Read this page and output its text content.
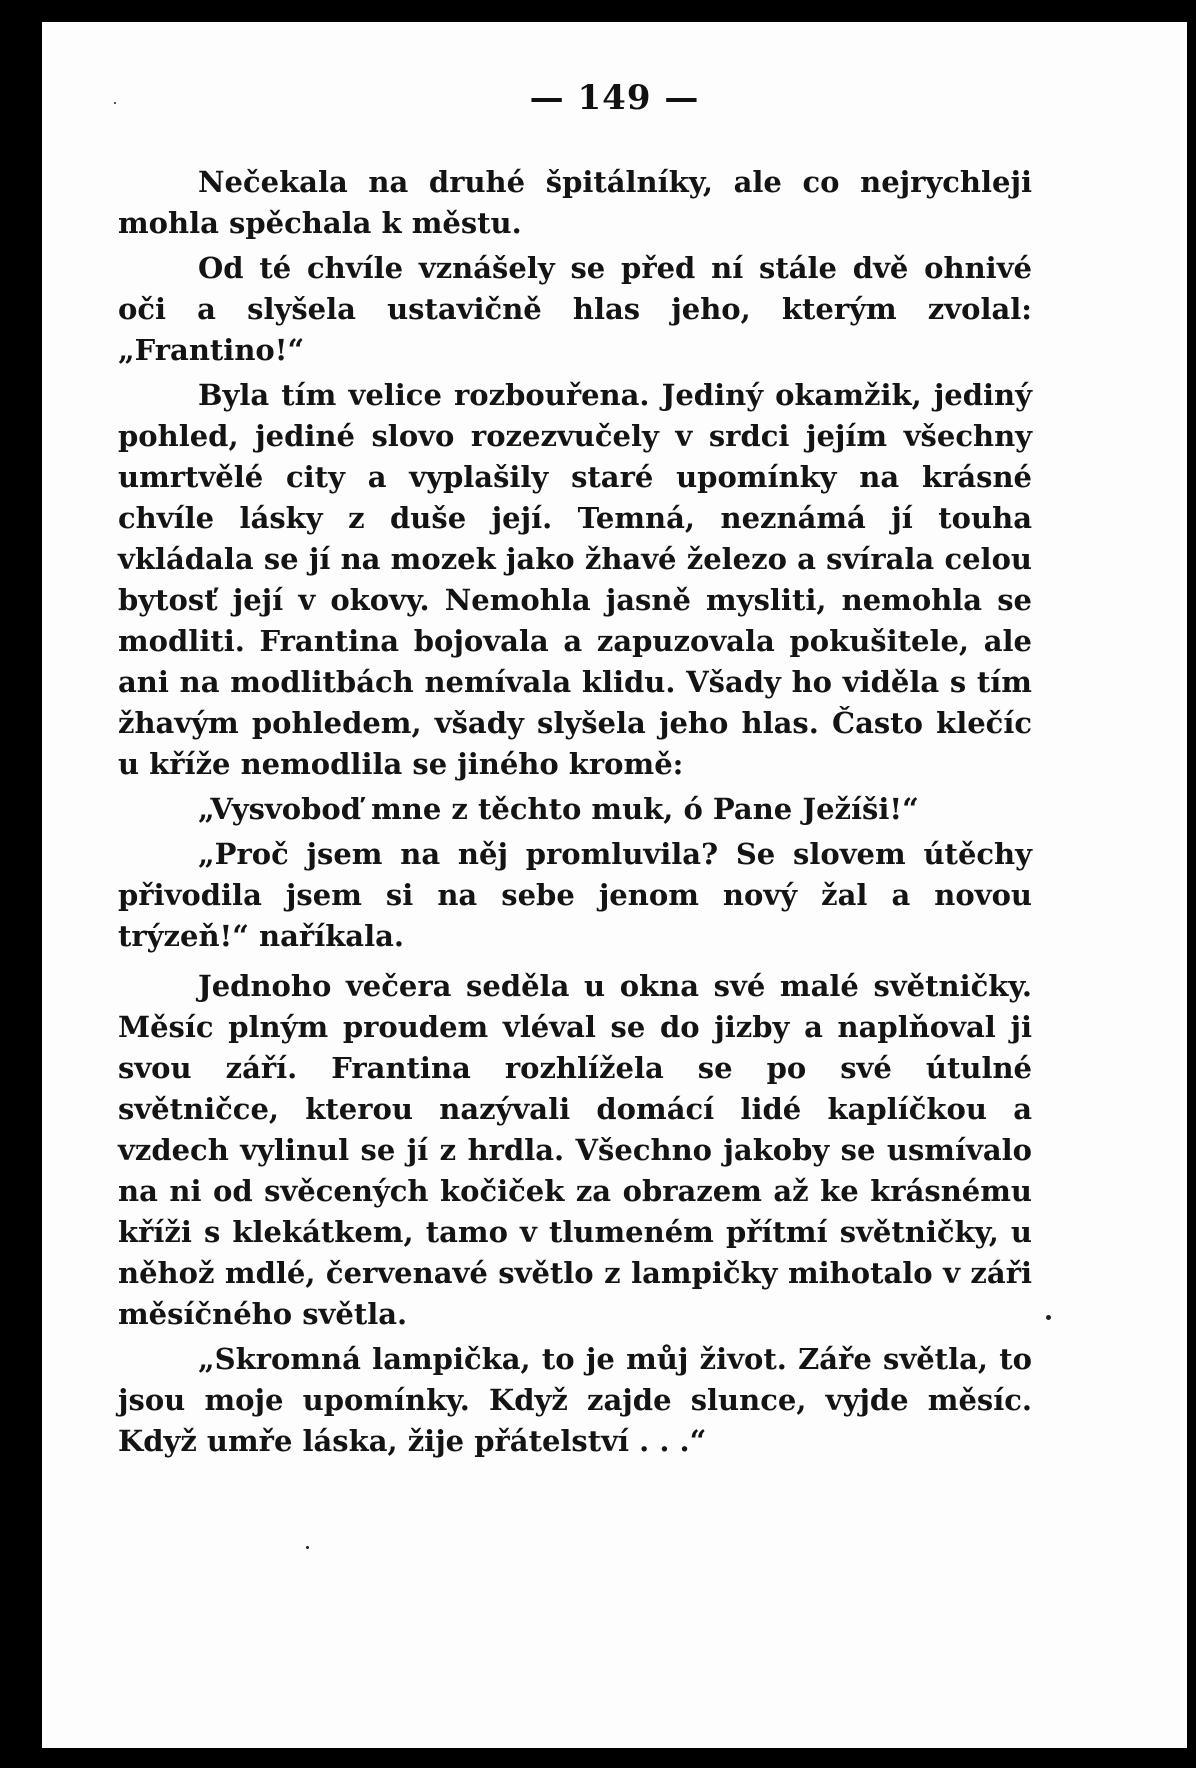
— 149 —

Nečekala na druhé špitálníky, ale co nejrychleji mohla spěchala k městu.

Od té chvíle vznášely se před ní stále dvě ohnivé oči a slyšela ustavičně hlas jeho, kterým zvolal: „Frantino!“

Byla tím velice rozbouřena. Jediný okamžik, jediný pohled, jediné slovo rozezvučely v srdci jejím všechny umrtvělé city a vyplašily staré upomínky na krásné chvíle lásky z duše její. Temná, neznámá jí touha vkládala se jí na mozek jako žhavé železo a svírala celou bytosť její v okovy. Nemohla jasně mysliti, nemohla se modliti. Frantina bojovala a zapuzovala pokušitele, ale ani na modlitbách nemívala klidu. Všady ho viděla s tím žhavým pohledem, všady slyšela jeho hlas. Často klečíc u kříže nemodlila se jiného kromě:

„Vysvoboď mne z těchto muk, ó Pane Ježíši!“

„Proč jsem na něj promluvila? Se slovem útěchy přivodila jsem si na sebe jenom nový žal a novou trýzeň!“ naříkala.

Jednoho večera seděla u okna své malé světničky. Měsíc plným proudem vléval se do jizby a naplňoval ji svou září. Frantina rozhlížela se po své útulné světničce, kterou nazývali domácí lidé kaplíčkou a vzdech vylinul se jí z hrdla. Všechno jakoby se usmívalo na ni od svěcených kočiček za obrazem až ke krásnému kříži s klekátkem, tamo v tlumeném přítmí světničky, u něhož mdlé, červenavé světlo z lampičky mihotalo v záři měsíčného světla.

„Skromná lampička, to je můj život. Záře světla, to jsou moje upomínky. Když zajde slunce, vyjde měsíc. Když umře láska, žije přátelství . . .“
